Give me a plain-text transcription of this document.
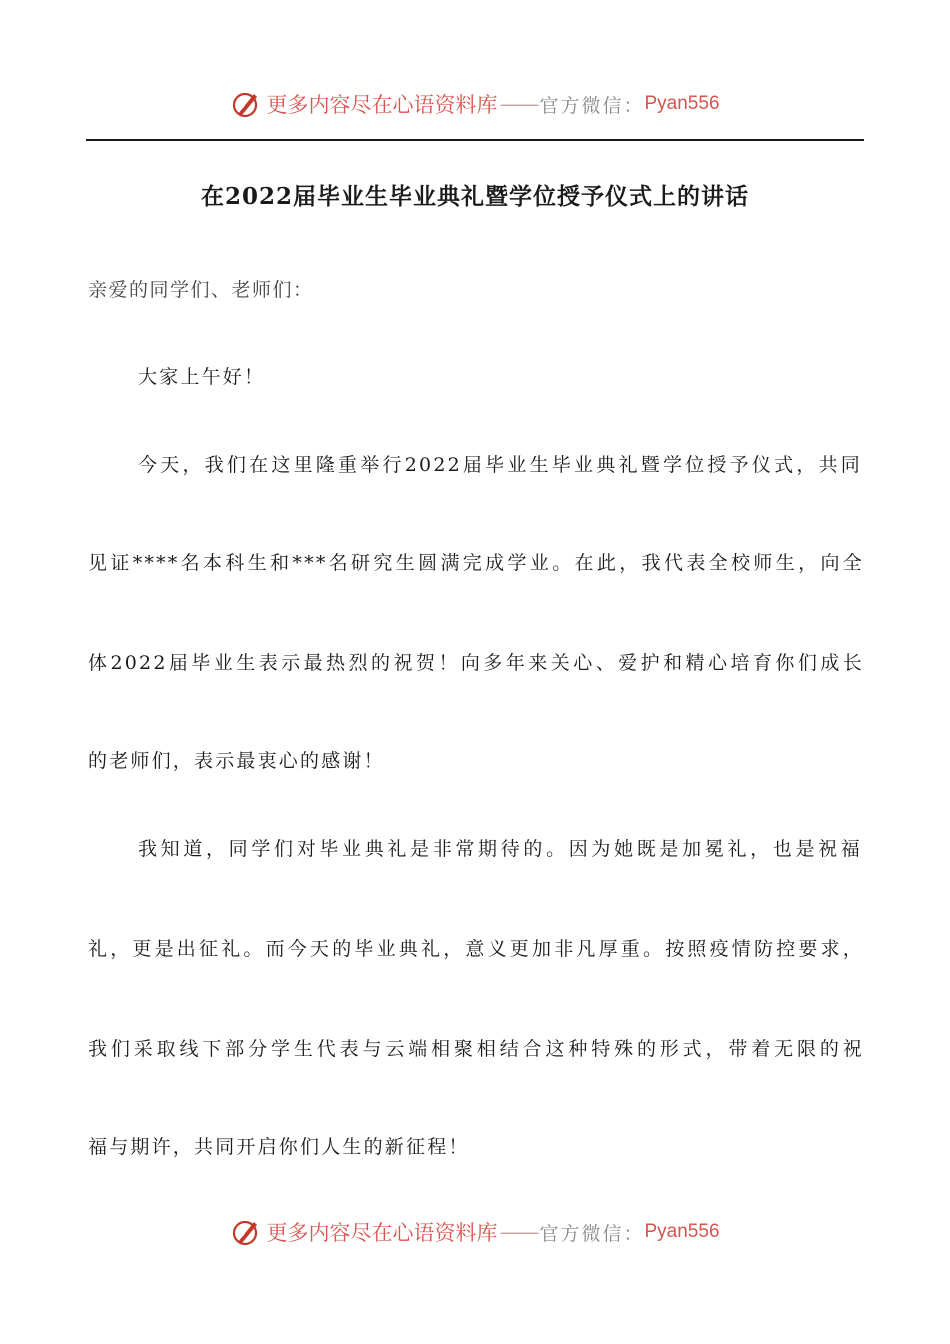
更多内容尽在心语资料库 —— 官方微信： Pyan556
在2022届毕业生毕业典礼暨学位授予仪式上的讲话
亲爱的同学们、老师们：
大家上午好！
今天，我们在这里隆重举行2022届毕业生毕业典礼暨学位授予仪式，共同
见证****名本科生和***名研究生圆满完成学业。在此，我代表全校师生，向全
体2022届毕业生表示最热烈的祝贺！向多年来关心、爱护和精心培育你们成长
的老师们，表示最衷心的感谢！
我知道，同学们对毕业典礼是非常期待的。因为她既是加冕礼，也是祝福
礼，更是出征礼。而今天的毕业典礼，意义更加非凡厚重。按照疫情防控要求，
我们采取线下部分学生代表与云端相聚相结合这种特殊的形式，带着无限的祝
福与期许，共同开启你们人生的新征程！
更多内容尽在心语资料库 —— 官方微信： Pyan556
